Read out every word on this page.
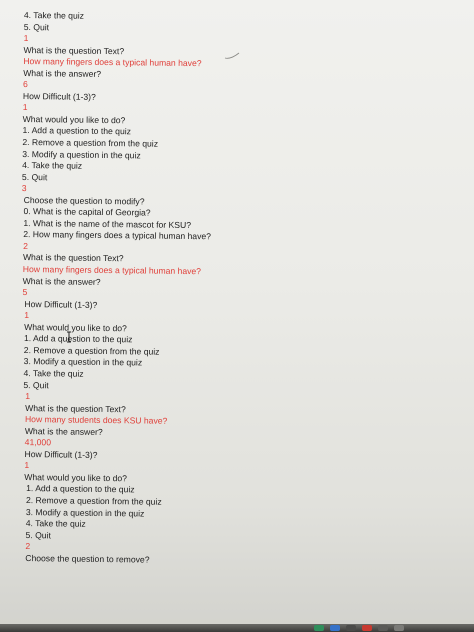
4. Take the quiz
5. Quit
1
What is the question Text?
How many fingers does a typical human have?
What is the answer?
6
How Difficult (1-3)?
1
What would you like to do?
1. Add a question to the quiz
2. Remove a question from the quiz
3. Modify a question in the quiz
4. Take the quiz
5. Quit
3
Choose the question to modify?
0. What is the capital of Georgia?
1. What is the name of the mascot for KSU?
2. How many fingers does a typical human have?
2
What is the question Text?
How many fingers does a typical human have?
What is the answer?
5
How Difficult (1-3)?
1
What would you like to do?
1. Add a question to the quiz
2. Remove a question from the quiz
3. Modify a question in the quiz
4. Take the quiz
5. Quit
1
What is the question Text?
How many students does KSU have?
What is the answer?
41,000
How Difficult (1-3)?
1
What would you like to do?
1. Add a question to the quiz
2. Remove a question from the quiz
3. Modify a question in the quiz
4. Take the quiz
5. Quit
2
Choose the question to remove?
